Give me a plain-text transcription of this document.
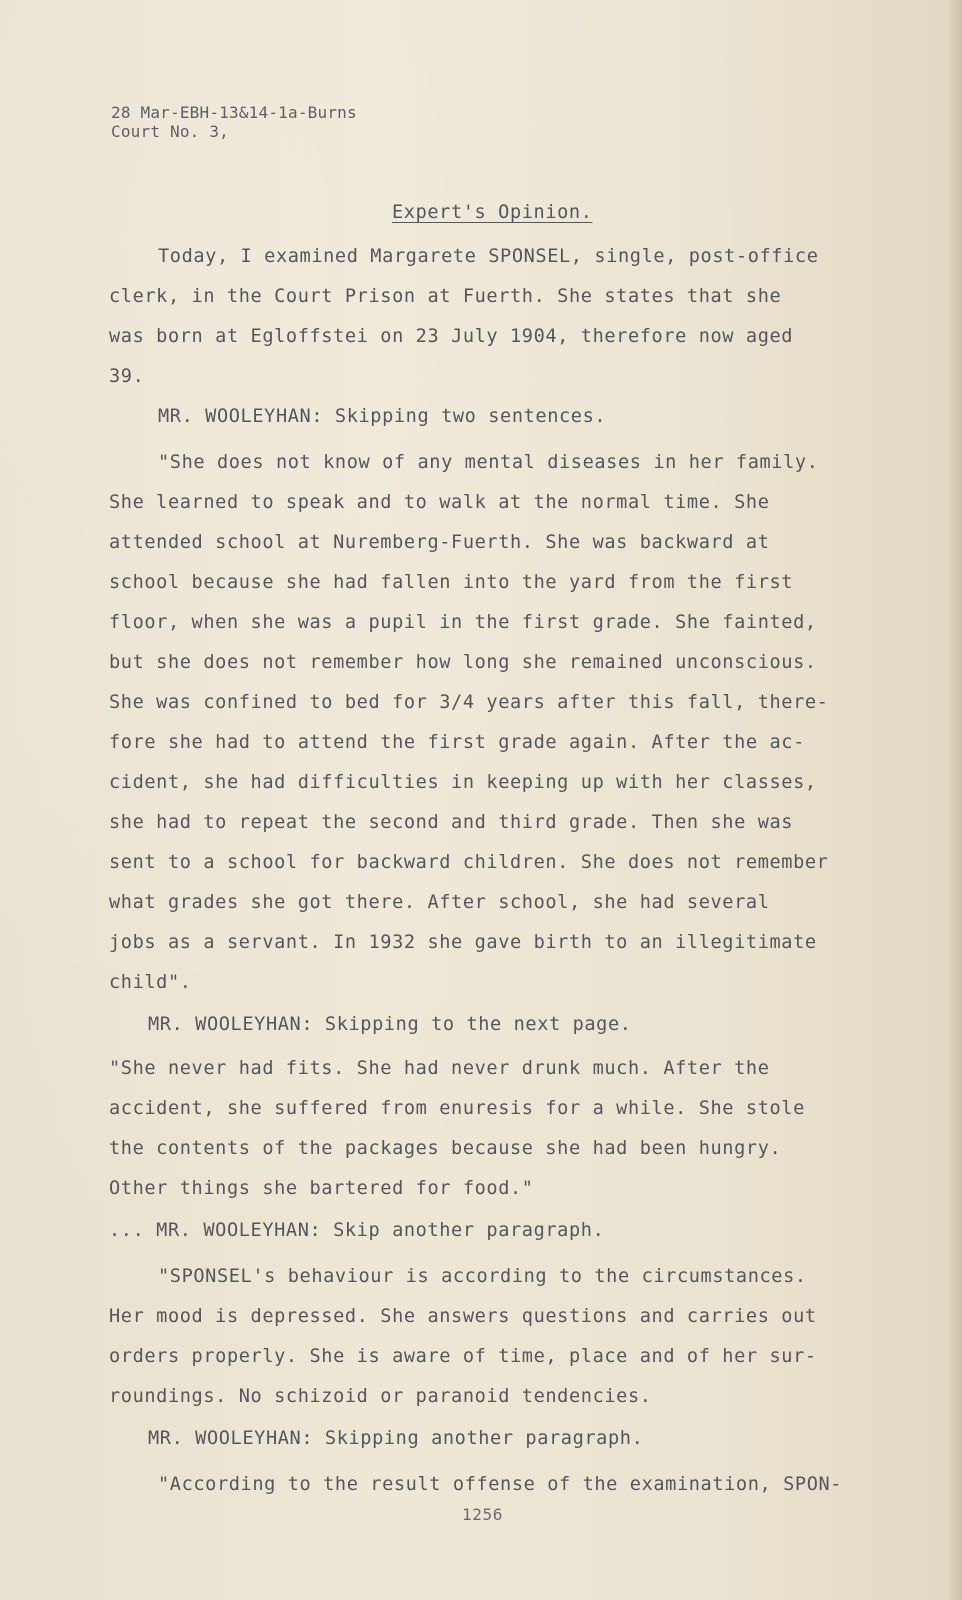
28 Mar-EBH-13&14-1a-Burns
Court No. 3,
Expert's Opinion.
Today, I examined Margarete SPONSEL, single, post-office
clerk, in the Court Prison at Fuerth. She states that she
was born at Egloffstei on 23 July 1904, therefore now aged
39.
MR. WOOLEYHAN: Skipping two sentences.
"She does not know of any mental diseases in her family.
She learned to speak and to walk at the normal time. She
attended school at Nuremberg-Fuerth. She was backward at
school because she had fallen into the yard from the first
floor, when she was a pupil in the first grade. She fainted,
but she does not remember how long she remained unconscious.
She was confined to bed for 3/4 years after this fall, there-
fore she had to attend the first grade again. After the ac-
cident, she had difficulties in keeping up with her classes,
she had to repeat the second and third grade. Then she was
sent to a school for backward children. She does not remember
what grades she got there. After school, she had several
jobs as a servant. In 1932 she gave birth to an illegitimate
child".
MR. WOOLEYHAN: Skipping to the next page.
"She never had fits. She had never drunk much. After the
accident, she suffered from enuresis for a while. She stole
the contents of the packages because she had been hungry.
Other things she bartered for food."
... MR. WOOLEYHAN: Skip another paragraph.
"SPONSEL's behaviour is according to the circumstances.
Her mood is depressed. She answers questions and carries out
orders properly. She is aware of time, place and of her sur-
roundings. No schizoid or paranoid tendencies.
MR. WOOLEYHAN: Skipping another paragraph.
"According to the result offense of the examination, SPON-
1256
